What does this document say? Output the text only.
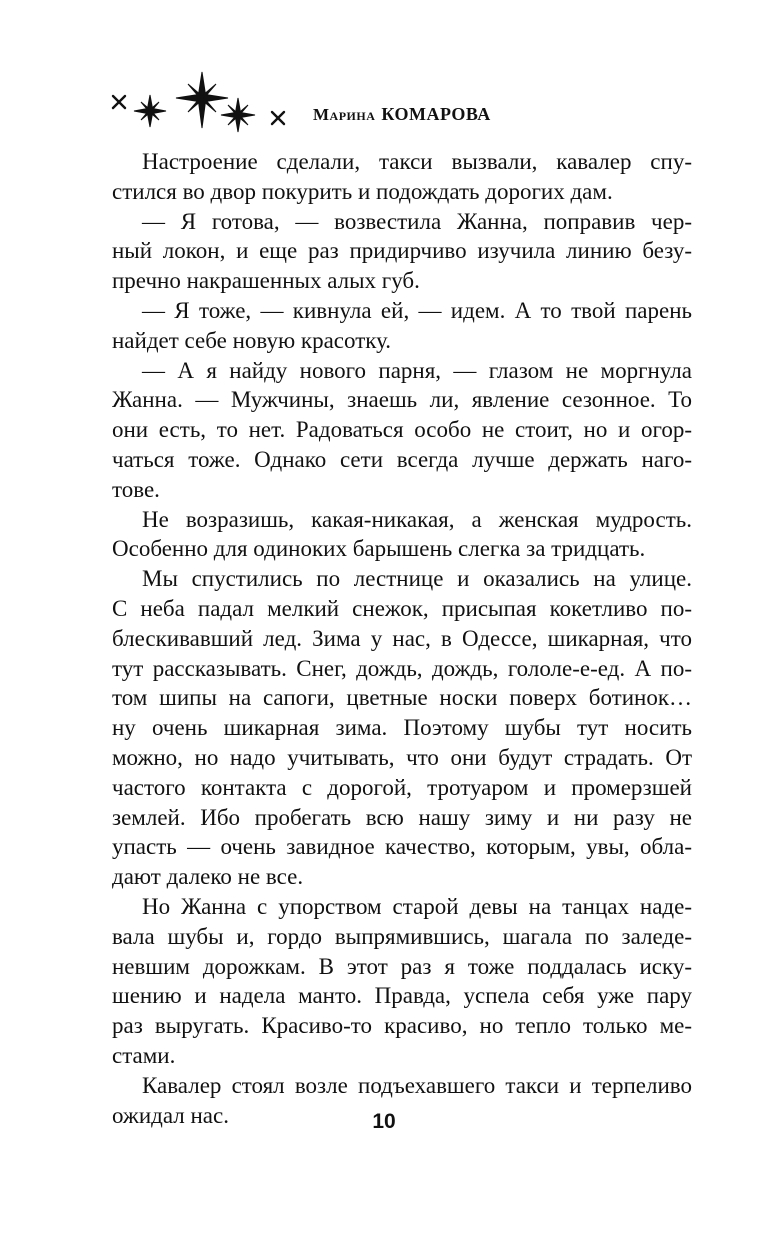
Марина КОМАРОВА

Настроение сделали, такси вызвали, кавалер спу-
стился во двор покурить и подождать дорогих дам.

— Я готова, — возвестила Жанна, поправив чер-
ный локон, и еще раз придирчиво изучила линию безу-
пречно накрашенных алых губ.

— Я тоже, — кивнула ей, — идем. А то твой парень
найдет себе новую красотку.

— А я найду нового парня, — глазом не моргнула
Жанна. — Мужчины, знаешь ли, явление сезонное. То
они есть, то нет. Радоваться особо не стоит, но и огор-
чаться тоже. Однако сети всегда лучше держать наго-
тове.

Не возразишь, какая-никакая, а женская мудрость.
Особенно для одиноких барышень слегка за тридцать.

Мы спустились по лестнице и оказались на улице.
С неба падал мелкий снежок, присыпая кокетливо по-
блескивавший лед. Зима у нас, в Одессе, шикарная, что
тут рассказывать. Снег, дождь, дождь, гололе-е-ед. А по-
том шипы на сапоги, цветные носки поверх ботинок…
ну очень шикарная зима. Поэтому шубы тут носить
можно, но надо учитывать, что они будут страдать. От
частого контакта с дорогой, тротуаром и промерзшей
землей. Ибо пробегать всю нашу зиму и ни разу не
упасть — очень завидное качество, которым, увы, обла-
дают далеко не все.

Но Жанна с упорством старой девы на танцах наде-
вала шубы и, гордо выпрямившись, шагала по заледе-
невшим дорожкам. В этот раз я тоже поддалась иску-
шению и надела манто. Правда, успела себя уже пару
раз выругать. Красиво-то красиво, но тепло только ме-
стами.

Кавалер стоял возле подъехавшего такси и терпеливо
ожидал нас.	10
